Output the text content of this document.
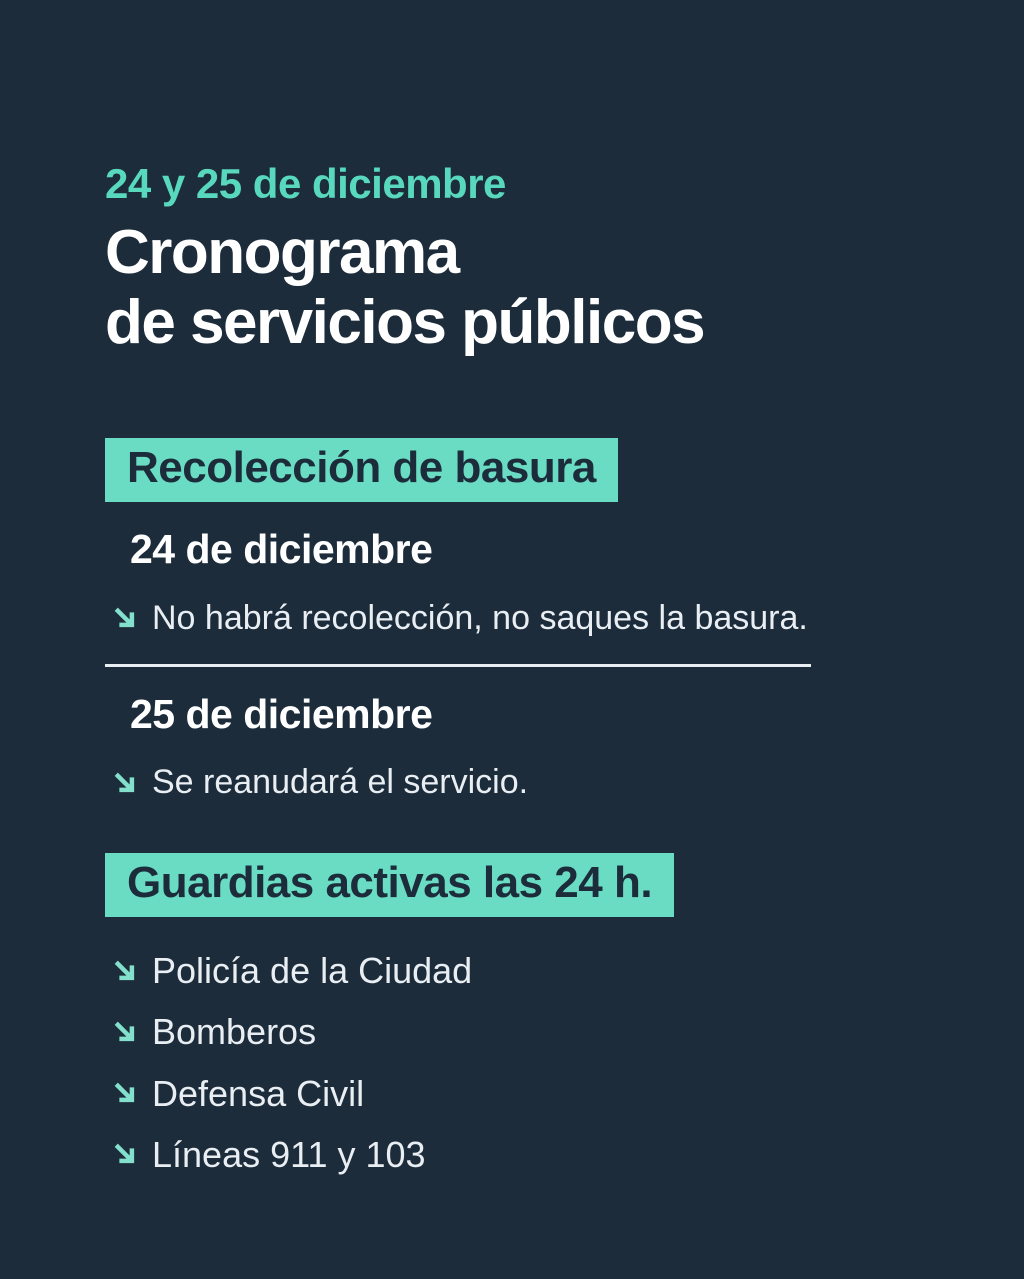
24 y 25 de diciembre
Cronograma
de servicios públicos
Recolección de basura
24 de diciembre
No habrá recolección, no saques la basura.
25 de diciembre
Se reanudará el servicio.
Guardias activas las 24 h.
Policía de la Ciudad
Bomberos
Defensa Civil
Líneas 911 y 103
